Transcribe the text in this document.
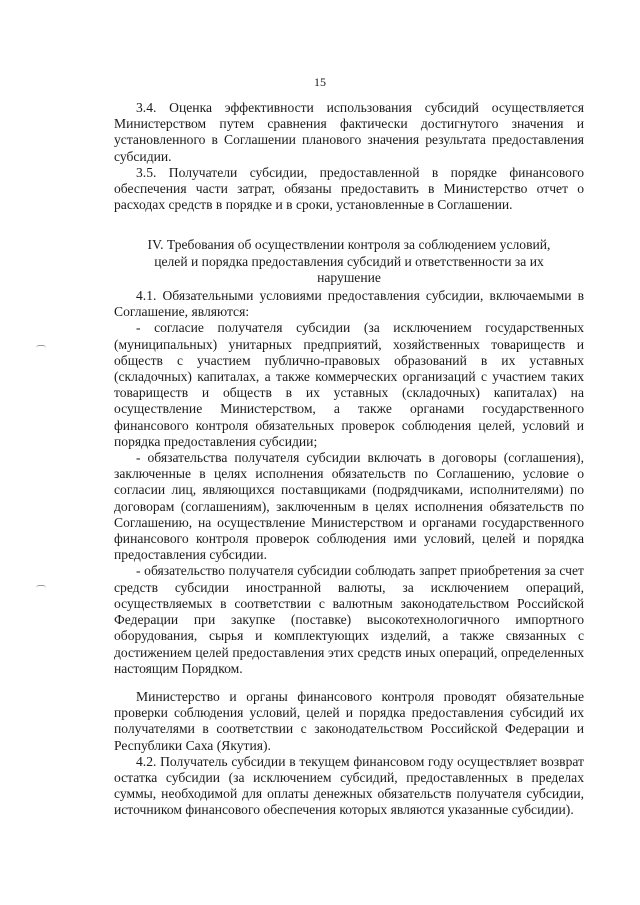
15

3.4. Оценка эффективности использования субсидий осуществляется Министерством путем сравнения фактически достигнутого значения и установленного в Соглашении планового значения результата предоставления субсидии.

3.5. Получатели субсидии, предоставленной в порядке финансового обеспечения части затрат, обязаны предоставить в Министерство отчет о расходах средств в порядке и в сроки, установленные в Соглашении.

IV. Требования об осуществлении контроля за соблюдением условий, целей и порядка предоставления субсидий и ответственности за их нарушение

4.1. Обязательными условиями предоставления субсидии, включаемыми в Соглашение, являются:

- согласие получателя субсидии (за исключением государственных (муниципальных) унитарных предприятий, хозяйственных товариществ и обществ с участием публично-правовых образований в их уставных (складочных) капиталах, а также коммерческих организаций с участием таких товариществ и обществ в их уставных (складочных) капиталах) на осуществление Министерством, а также органами государственного финансового контроля обязательных проверок соблюдения целей, условий и порядка предоставления субсидии;

- обязательства получателя субсидии включать в договоры (соглашения), заключенные в целях исполнения обязательств по Соглашению, условие о согласии лиц, являющихся поставщиками (подрядчиками, исполнителями) по договорам (соглашениям), заключенным в целях исполнения обязательств по Соглашению, на осуществление Министерством и органами государственного финансового контроля проверок соблюдения ими условий, целей и порядка предоставления субсидии.

- обязательство получателя субсидии соблюдать запрет приобретения за счет средств субсидии иностранной валюты, за исключением операций, осуществляемых в соответствии с валютным законодательством Российской Федерации при закупке (поставке) высокотехнологичного импортного оборудования, сырья и комплектующих изделий, а также связанных с достижением целей предоставления этих средств иных операций, определенных настоящим Порядком.

Министерство и органы финансового контроля проводят обязательные проверки соблюдения условий, целей и порядка предоставления субсидий их получателями в соответствии с законодательством Российской Федерации и Республики Саха (Якутия).

4.2. Получатель субсидии в текущем финансовом году осуществляет возврат остатка субсидии (за исключением субсидий, предоставленных в пределах суммы, необходимой для оплаты денежных обязательств получателя субсидии, источником финансового обеспечения которых являются указанные субсидии).
